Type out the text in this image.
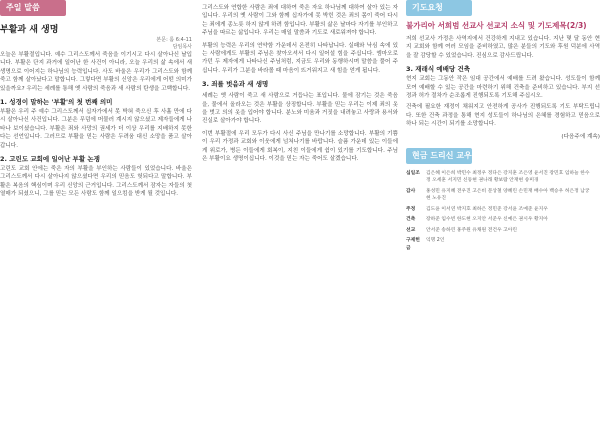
주일 말씀
부활과 새 생명
본문: 롬 6:4-11
담임목사

오늘은 부활절입니다. 예수 그리스도께서 죽음을 이기시고 다시 살아나신 날입니다. 부활은 단지 과거에 일어난 한 사건이 아니라, 오늘 우리의 삶 속에서 새 생명으로 이어지는 하나님의 능력입니다. 사도 바울은 우리가 그리스도와 함께 죽고 함께 살아났다고 말합니다. 그렇다면 부활의 신앙은 우리에게 어떤 의미가 있을까요? 우리는 세례를 통해 옛 사람의 죽음과 새 사람의 탄생을 고백합니다.

1. 성경이 말하는 '부활'의 첫 번째 의미

부활은 우리 주 예수 그리스도께서 십자가에서 못 박혀 죽으신 후 사흘 만에 다시 살아나신 사건입니다. 그분은 무덤에 머물러 계시지 않으셨고 제자들에게 나타나 보이셨습니다. 부활은 죄와 사망의 권세가 더 이상 우리를 지배하지 못한다는 선언입니다. 그러므로 부활을 믿는 사람은 두려움 대신 소망을 품고 살아갑니다.

2. 고린도 교회에 일어난 부활 논쟁

고린도 교회 안에는 죽은 자의 부활을 부인하는 사람들이 있었습니다. 바울은 그리스도께서 다시 살아나지 않으셨다면 우리의 믿음도 헛되다고 말합니다. 부활은 복음의 핵심이며 우리 신앙의 근거입니다. 그리스도께서 잠자는 자들의 첫 열매가 되셨으니, 그를 믿는 모든 사람도 함께 일으킴을 받게 될 것입니다.

그리스도와 연합한 사람은 죄에 대하여 죽은 자요 하나님께 대하여 살아 있는 자입니다. 우리의 옛 사람이 그와 함께 십자가에 못 박힌 것은 죄의 몸이 죽어 다시는 죄에게 종노릇 하지 않게 하려 함입니다. 부활의 삶은 날마다 자기를 부인하고 주님을 따르는 삶입니다. 우리는 매일 말씀과 기도로 새로워져야 합니다.

부활의 능력은 우리의 연약함 가운데서 온전히 나타납니다. 실패와 낙심 속에 있는 사람에게도 부활의 주님은 찾아오셔서 다시 일어설 힘을 주십니다. 엠마오로 가던 두 제자에게 나타나신 주님처럼, 지금도 우리와 동행하시며 말씀을 풀어 주십니다. 우리가 그분을 바라볼 때 마음이 뜨거워지고 새 힘을 얻게 됩니다.

3. 죄를 벗음과 새 생명

세례는 옛 사람이 죽고 새 사람으로 거듭나는 표입니다. 물에 잠기는 것은 죽음을, 물에서 올라오는 것은 부활을 상징합니다. 부활을 믿는 우리는 이제 죄의 옷을 벗고 의의 옷을 입어야 합니다. 분노와 미움과 거짓을 내려놓고 사랑과 용서와 진실로 살아가야 합니다.

이번 부활절에 우리 모두가 다시 사신 주님을 만나기를 소망합니다. 부활의 기쁨이 우리 가정과 교회와 이웃에게 넘쳐나기를 바랍니다. 슬픔 가운데 있는 이들에게 위로가, 병든 이들에게 회복이, 지친 이들에게 쉼이 있기를 기도합니다. 주님은 부활이요 생명이십니다. 이것을 믿는 자는 죽어도 살겠습니다.

기도요청
불가리아 서희범 선교사 선교지 소식 및 기도제목(2/3)

저희 선교사 가정은 사역지에서 건강하게 지내고 있습니다. 지난 몇 달 동안 현지 교회와 함께 여러 모임을 준비하였고, 많은 분들의 기도와 후원 덕분에 사역을 잘 감당할 수 있었습니다. 진심으로 감사드립니다.

3. 재래식 예배당 건축

현지 교회는 그동안 작은 임대 공간에서 예배를 드려 왔습니다. 성도들이 함께 모여 예배할 수 있는 공간을 마련하기 위해 건축을 준비하고 있습니다. 부지 선정과 허가 절차가 순조롭게 진행되도록 기도해 주십시오.

건축에 필요한 재정이 채워지고 안전하게 공사가 진행되도록 기도 부탁드립니다. 또한 건축 과정을 통해 현지 성도들이 하나님의 은혜를 경험하고 믿음으로 하나 되는 시간이 되기를 소망합니다.

(다음주에 계속)
현금 드리신 교우
십일조	김은혜 이은희 박민수 최정우 정다은 강지훈 조은영 윤서진 장민호 임하늘 한수정 오세훈 서지민 신동현 권나래 황보람 안재현 송미경
감사	홍성민 유지혜 전우진 고은비 문상철 양혜린 손민재 배수아 백승우 허은정 남궁현 노유진
주정	김도윤 이서연 박지호 최하은 정민준 강서윤 조예준 윤지우
건축	장하준 임수빈 한도현 오지안 서준우 신예은 권시우 황지아
선교	안서준 송하린 홍주원 유채원 전건우 고아린
구제헌금	익명 2인
